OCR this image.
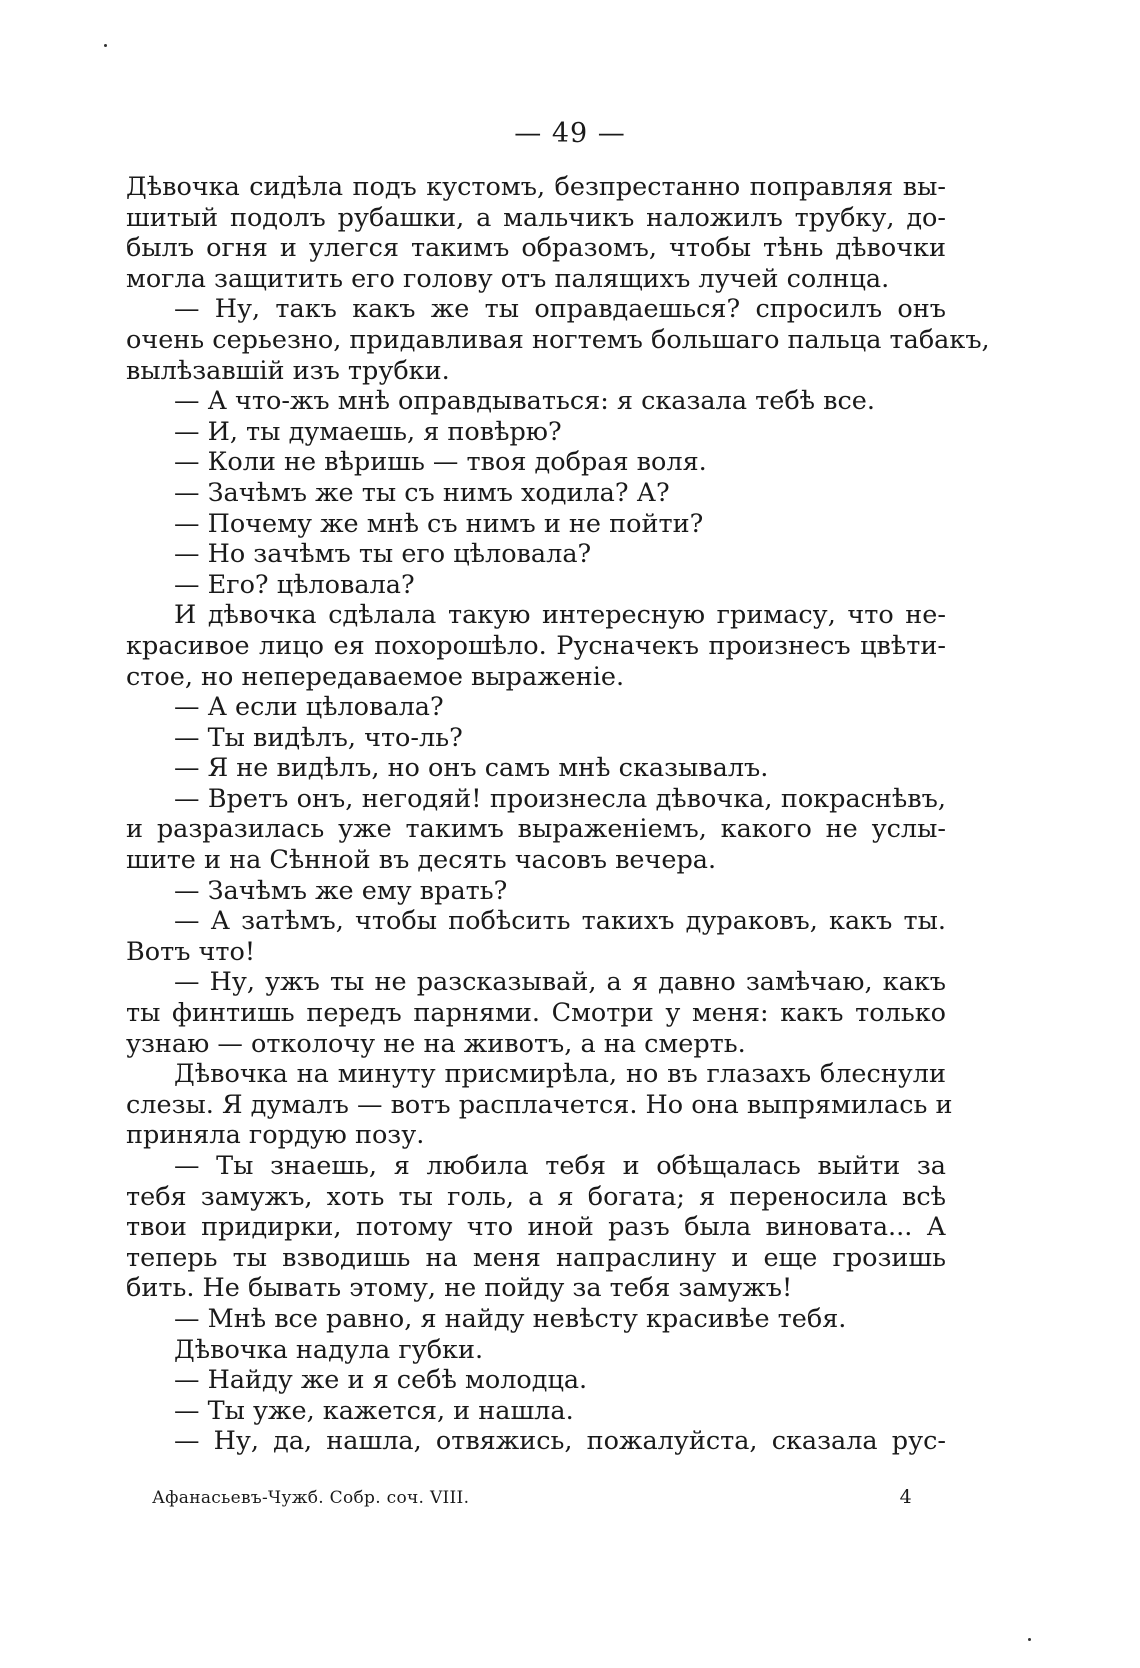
— 49 —
Дѣвочка сидѣла подъ кустомъ, безпрестанно поправляя вы-
шитый подолъ рубашки, а мальчикъ наложилъ трубку, до-
былъ огня и улегся такимъ образомъ, чтобы тѣнь дѣвочки
могла защитить его голову отъ палящихъ лучей солнца.
— Ну, такъ какъ же ты оправдаешься? спросилъ онъ
очень серьезно, придавливая ногтемъ большаго пальца табакъ,
вылѣзавшій изъ трубки.
— А что-жъ мнѣ оправдываться: я сказала тебѣ все.
— И, ты думаешь, я повѣрю?
— Коли не вѣришь — твоя добрая воля.
— Зачѣмъ же ты съ нимъ ходила? А?
— Почему же мнѣ съ нимъ и не пойти?
— Но зачѣмъ ты его цѣловала?
— Его? цѣловала?
И дѣвочка сдѣлала такую интересную гримасу, что не-
красивое лицо ея похорошѣло. Русначекъ произнесъ цвѣти-
стое, но непередаваемое выраженіе.
— А если цѣловала?
— Ты видѣлъ, что-ль?
— Я не видѣлъ, но онъ самъ мнѣ сказывалъ.
— Вретъ онъ, негодяй! произнесла дѣвочка, покраснѣвъ,
и разразилась уже такимъ выраженіемъ, какого не услы-
шите и на Сѣнной въ десять часовъ вечера.
— Зачѣмъ же ему врать?
— А затѣмъ, чтобы побѣсить такихъ дураковъ, какъ ты.
Вотъ что!
— Ну, ужъ ты не разсказывай, а я давно замѣчаю, какъ
ты финтишь передъ парнями. Смотри у меня: какъ только
узнаю — отколочу не на животъ, а на смерть.
Дѣвочка на минуту присмирѣла, но въ глазахъ блеснули
слезы. Я думалъ — вотъ расплачется. Но она выпрямилась и
приняла гордую позу.
— Ты знаешь, я любила тебя и обѣщалась выйти за
тебя замужъ, хоть ты голь, а я богата; я переносила всѣ
твои придирки, потому что иной разъ была виновата... А
теперь ты взводишь на меня напраслину и еще грозишь
бить. Не бывать этому, не пойду за тебя замужъ!
— Мнѣ все равно, я найду невѣсту красивѣе тебя.
Дѣвочка надула губки.
— Найду же и я себѣ молодца.
— Ты уже, кажется, и нашла.
— Ну, да, нашла, отвяжись, пожалуйста, сказала рус-
Афанасьевъ-Чужб. Собр. соч. VIII.	4
